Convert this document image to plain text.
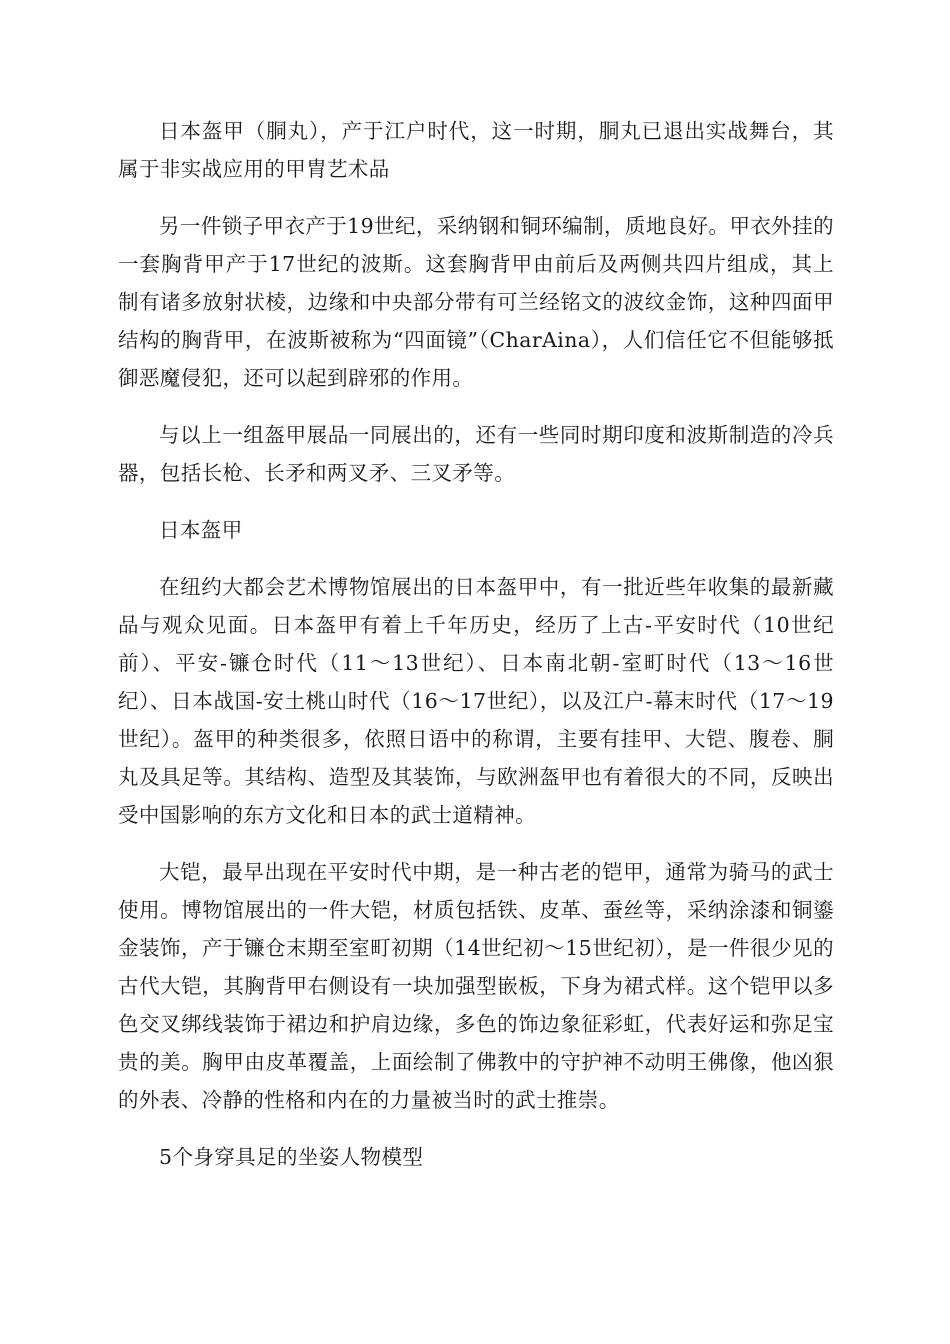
日本盔甲（胴丸），产于江户时代，这一时期，胴丸已退出实战舞台，其属于非实战应用的甲胄艺术品

另一件锁子甲衣产于19世纪，采纳钢和铜环编制，质地良好。甲衣外挂的一套胸背甲产于17世纪的波斯。这套胸背甲由前后及两侧共四片组成，其上制有诸多放射状棱，边缘和中央部分带有可兰经铭文的波纹金饰，这种四面甲结构的胸背甲，在波斯被称为“四面镜”（CharAina），人们信任它不但能够抵御恶魔侵犯，还可以起到辟邪的作用。

与以上一组盔甲展品一同展出的，还有一些同时期印度和波斯制造的冷兵器，包括长枪、长矛和两叉矛、三叉矛等。

日本盔甲

在纽约大都会艺术博物馆展出的日本盔甲中，有一批近些年收集的最新藏品与观众见面。日本盔甲有着上千年历史，经历了上古-平安时代（10世纪前）、平安-镰仓时代（11～13世纪）、日本南北朝-室町时代（13～16世纪）、日本战国-安土桃山时代（16～17世纪），以及江户-幕末时代（17～19世纪）。盔甲的种类很多，依照日语中的称谓，主要有挂甲、大铠、腹卷、胴丸及具足等。其结构、造型及其装饰，与欧洲盔甲也有着很大的不同，反映出受中国影响的东方文化和日本的武士道精神。

大铠，最早出现在平安时代中期，是一种古老的铠甲，通常为骑马的武士使用。博物馆展出的一件大铠，材质包括铁、皮革、蚕丝等，采纳涂漆和铜鎏金装饰，产于镰仓末期至室町初期（14世纪初～15世纪初），是一件很少见的古代大铠，其胸背甲右侧设有一块加强型嵌板，下身为裙式样。这个铠甲以多色交叉绑线装饰于裙边和护肩边缘，多色的饰边象征彩虹，代表好运和弥足宝贵的美。胸甲由皮革覆盖，上面绘制了佛教中的守护神不动明王佛像，他凶狠的外表、冷静的性格和内在的力量被当时的武士推崇。

5个身穿具足的坐姿人物模型
